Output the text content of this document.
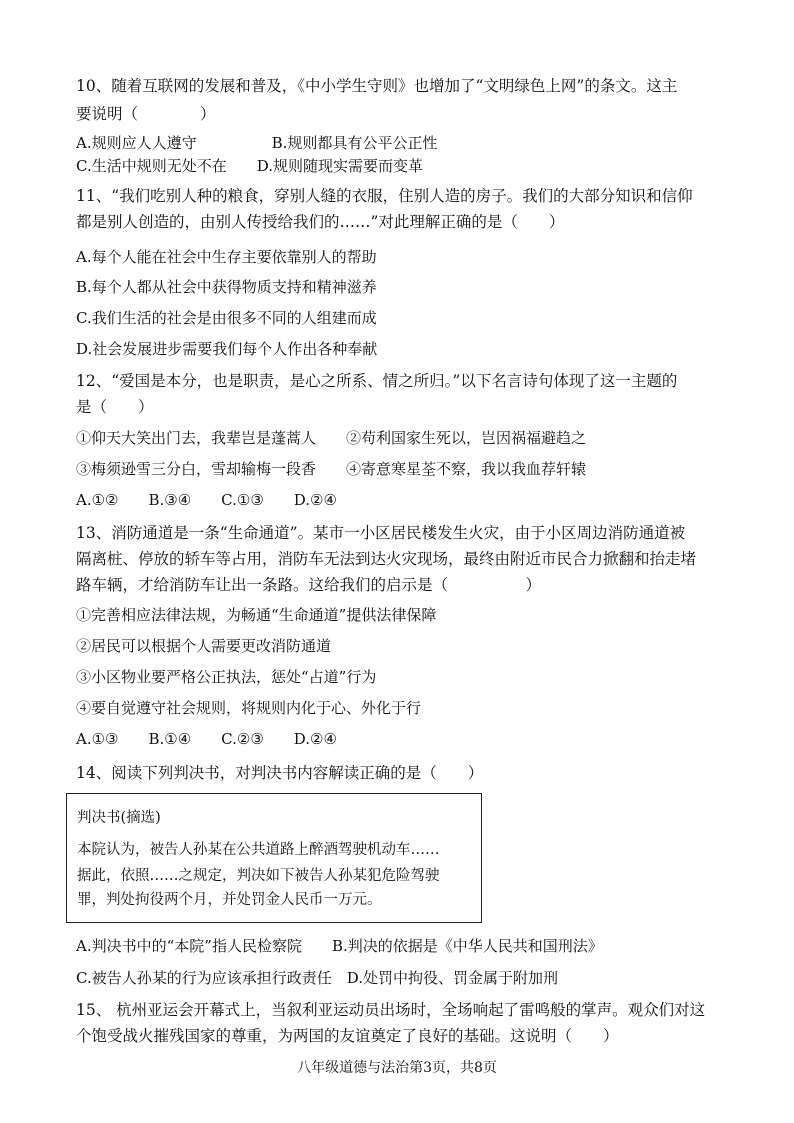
10、随着互联网的发展和普及，《中小学生守则》也增加了“文明绿色上网”的条文。这主
要说明（　　　　）
A.规则应人人遵守　　　　　B.规则都具有公平公正性
C.生活中规则无处不在　　D.规则随现实需要而变革
11、“我们吃别人种的粮食，穿别人缝的衣服，住别人造的房子。我们的大部分知识和信仰
都是别人创造的，由别人传授给我们的……”对此理解正确的是（　　）
A.每个人能在社会中生存主要依靠别人的帮助
B.每个人都从社会中获得物质支持和精神滋养
C.我们生活的社会是由很多不同的人组建而成
D.社会发展进步需要我们每个人作出各种奉献
12、“爱国是本分，也是职责，是心之所系、情之所归。”以下名言诗句体现了这一主题的
是（　　）
①仰天大笑出门去，我辈岂是蓬蒿人　　②苟利国家生死以，岂因祸福避趋之
③梅须逊雪三分白，雪却输梅一段香　　④寄意寒星荃不察，我以我血荐轩辕
A.①②　　B.③④　　C.①③　　D.②④
13、消防通道是一条“生命通道”。某市一小区居民楼发生火灾，由于小区周边消防通道被
隔离桩、停放的轿车等占用，消防车无法到达火灾现场，最终由附近市民合力掀翻和抬走堵
路车辆，才给消防车让出一条路。这给我们的启示是（　　　　　）
①完善相应法律法规，为畅通“生命通道”提供法律保障
②居民可以根据个人需要更改消防通道
③小区物业要严格公正执法，惩处“占道”行为
④要自觉遵守社会规则，将规则内化于心、外化于行
A.①③　　B.①④　　C.②③　　D.②④
14、阅读下列判决书，对判决书内容解读正确的是（　　）
判决书(摘选)
本院认为，被告人孙某在公共道路上醉酒驾驶机动车……
据此，依照……之规定，判决如下被告人孙某犯危险驾驶
罪，判处拘役两个月，并处罚金人民币一万元。
A.判决书中的“本院”指人民检察院　　B.判决的依据是《中华人民共和国刑法》
C.被告人孙某的行为应该承担行政责任　D.处罚中拘役、罚金属于附加刑
15、 杭州亚运会开幕式上，当叙利亚运动员出场时，全场响起了雷鸣般的掌声。观众们对这
个饱受战火摧残国家的尊重，为两国的友谊奠定了良好的基础。这说明（　　）
八年级道德与法治第3页，共8页
